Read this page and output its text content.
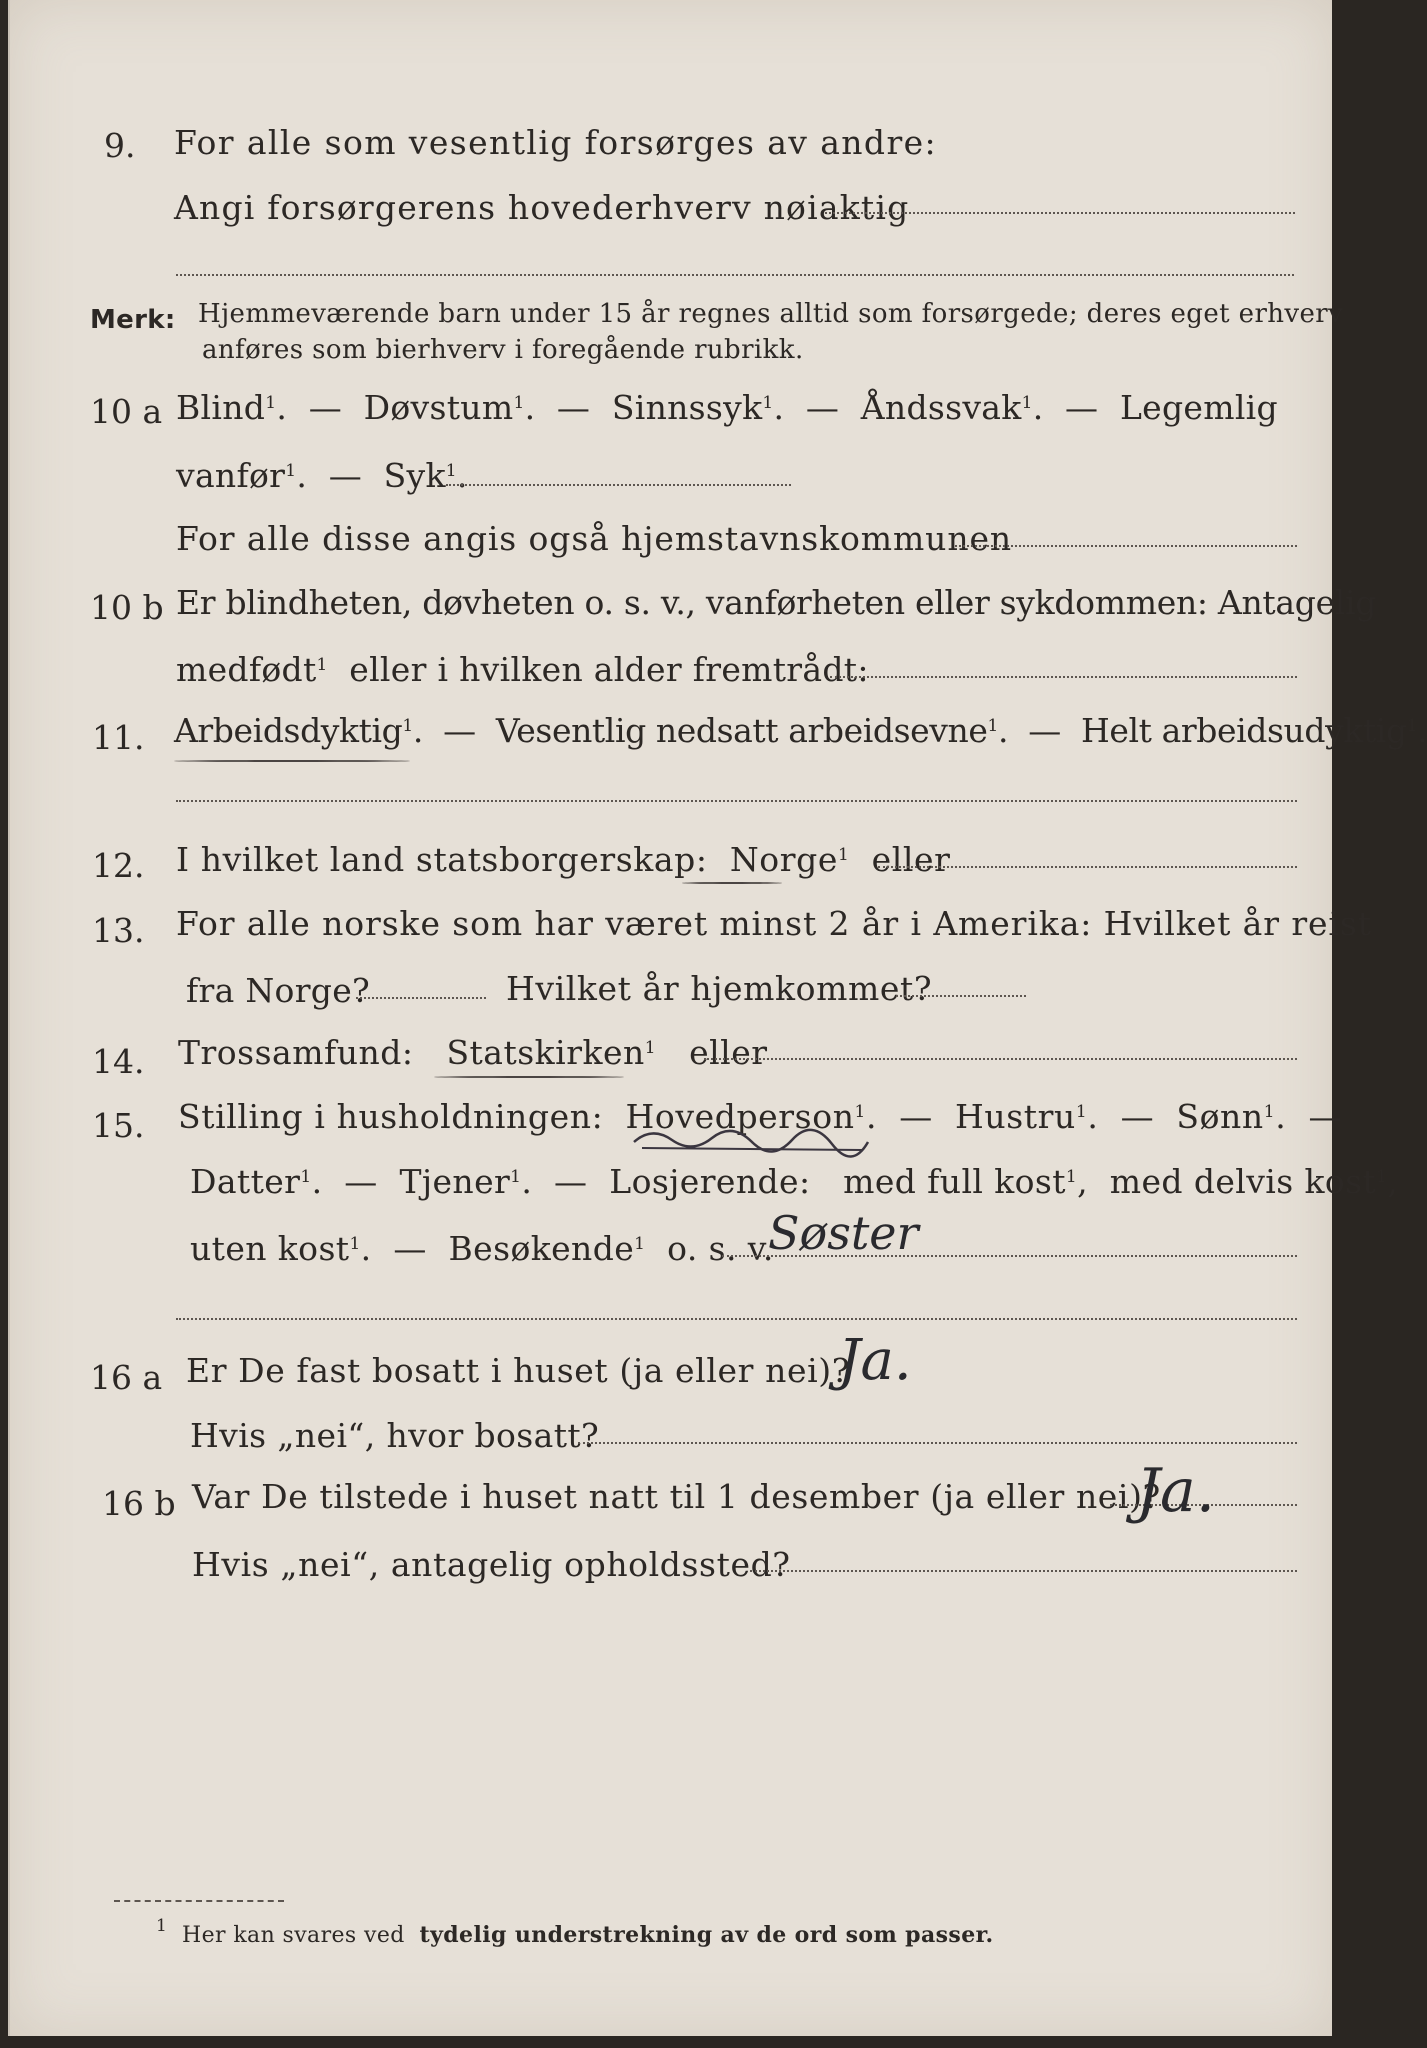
9. For alle som vesentlig forsørges av andre:
Angi forsørgerens hovederhverv nøiaktig
Merk: Hjemmeværende barn under 15 år regnes alltid som forsørgede; deres eget erhverv
anføres som bierhverv i foregående rubrikk.
10 a Blind$^1$.  —  Døvstum$^1$.  —  Sinnssyk$^1$.  —  Åndssvak$^1$.  —  Legemlig
vanfør$^1$.  —  Syk$^1$.
For alle disse angis også hjemstavnskommunen
10 b Er blindheten, døvheten o. s. v., vanførheten eller sykdommen: Antagelig
medfødt$^1$ eller i hvilken alder fremtrådt:
11. Arbeidsdyktig$^1$.  —  Vesentlig nedsatt arbeidsevne$^1$.  —  Helt arbeidsudyktig$^1$.
12. I hvilket land statsborgerskap: Norge$^1$ eller
13. For alle norske som har været minst 2 år i Amerika: Hvilket år reist
fra Norge?	Hvilket år hjemkommet?
14. Trossamfund: Statskirken$^1$ eller
15. Stilling i husholdningen: Hovedperson$^1$.  —  Hustru$^1$.  —  Sønn$^1$.  —
Datter$^1$.  —  Tjener$^1$.  —  Losjerende: med full kost$^1$,  med delvis kost$^1$,
uten kost$^1$.  —  Besøkende$^1$ o. s. v.
Søster
16 a Er De fast bosatt i huset (ja eller nei)?
Ja.
Hvis „nei“, hvor bosatt?
16 b Var De tilstede i huset natt til 1 desember (ja eller nei)?
Ja.
Hvis „nei“, antagelig opholdssted?
$^1$ Her kan svares ved tydelig understrekning av de ord som passer.
